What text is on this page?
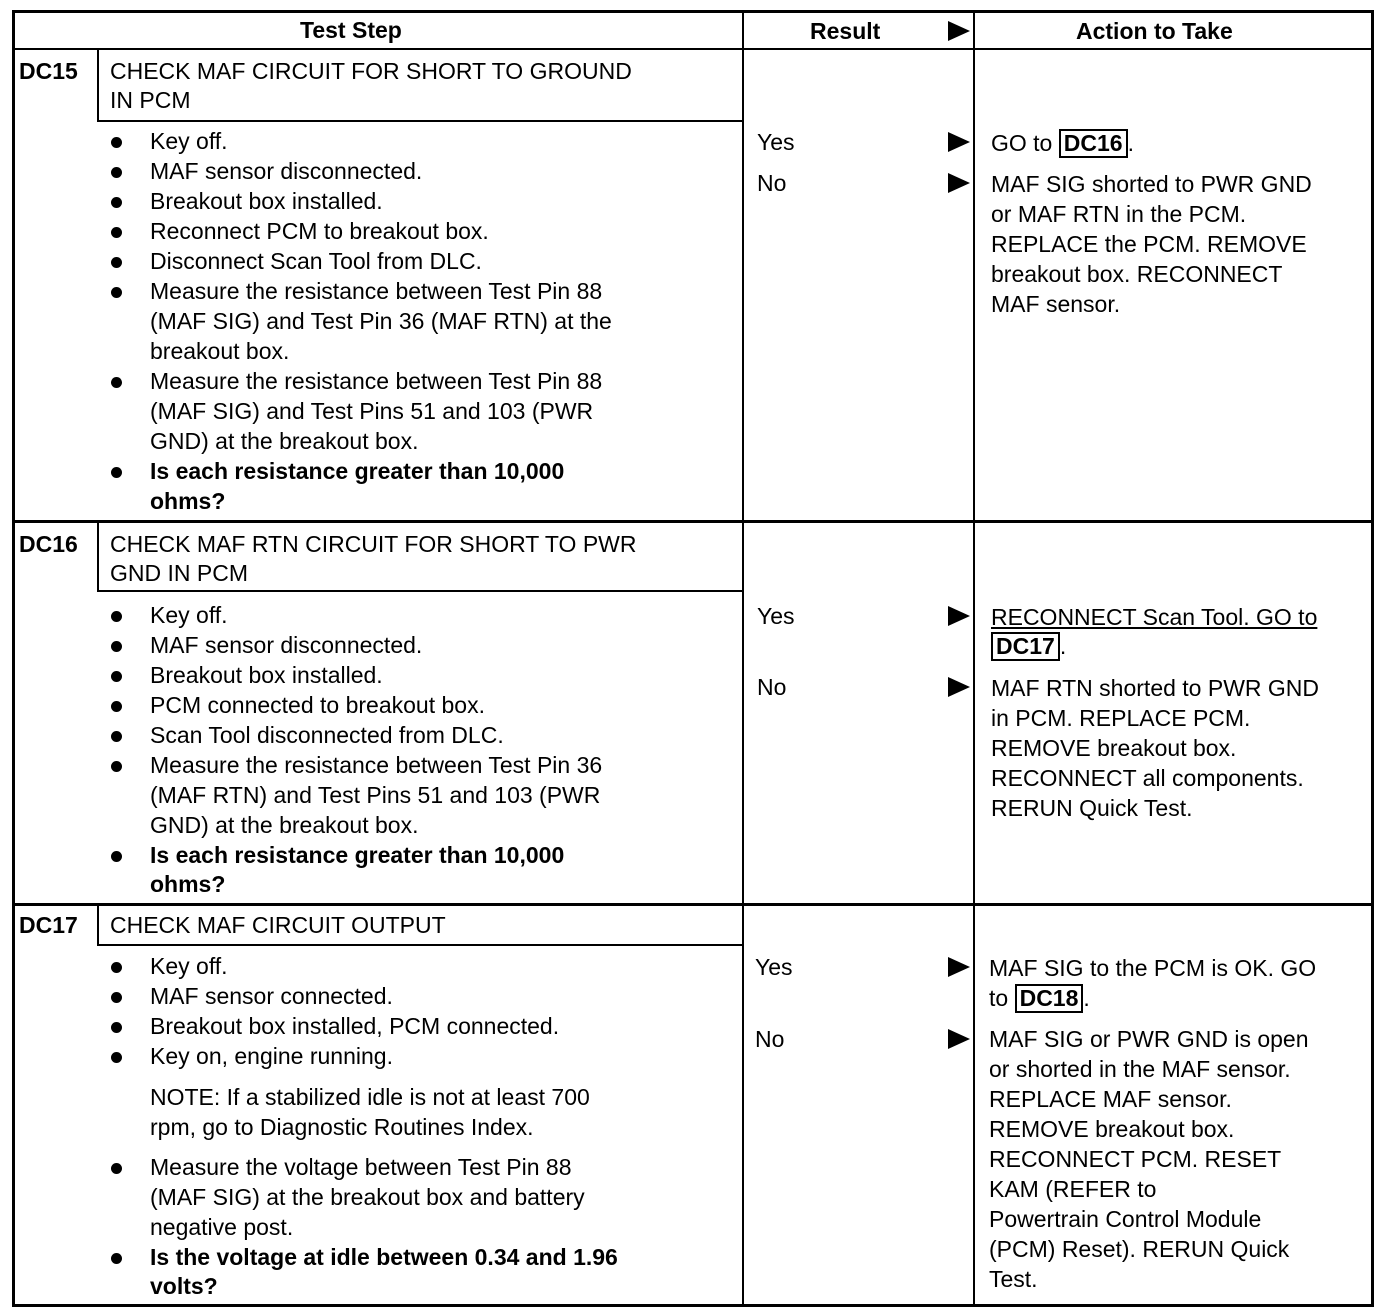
Test Step	Result	Action to Take
DC15 CHECK MAF CIRCUIT FOR SHORT TO GROUND
IN PCM
Key off.
MAF sensor disconnected.
Breakout box installed.
Reconnect PCM to breakout box.
Disconnect Scan Tool from DLC.
Measure the resistance between Test Pin 88
(MAF SIG) and Test Pin 36 (MAF RTN) at the
breakout box.
Measure the resistance between Test Pin 88
(MAF SIG) and Test Pins 51 and 103 (PWR
GND) at the breakout box.
Is each resistance greater than 10,000
ohms?
Yes
No
GO to DC16 .
MAF SIG shorted to PWR GND
or MAF RTN in the PCM.
REPLACE the PCM. REMOVE
breakout box. RECONNECT
MAF sensor.
DC16 CHECK MAF RTN CIRCUIT FOR SHORT TO PWR
GND IN PCM
Key off.
MAF sensor disconnected.
Breakout box installed.
PCM connected to breakout box.
Scan Tool disconnected from DLC.
Measure the resistance between Test Pin 36
(MAF RTN) and Test Pins 51 and 103 (PWR
GND) at the breakout box.
Is each resistance greater than 10,000
ohms?
Yes
No
RECONNECT Scan Tool. GO to
DC17 .
MAF RTN shorted to PWR GND
in PCM. REPLACE PCM.
REMOVE breakout box.
RECONNECT all components.
RERUN Quick Test.
DC17 CHECK MAF CIRCUIT OUTPUT
Key off.
MAF sensor connected.
Breakout box installed, PCM connected.
Key on, engine running.
NOTE: If a stabilized idle is not at least 700
rpm, go to Diagnostic Routines Index.
Measure the voltage between Test Pin 88
(MAF SIG) at the breakout box and battery
negative post.
Is the voltage at idle between 0.34 and 1.96
volts?
Yes
No
MAF SIG to the PCM is OK. GO
to DC18 .
MAF SIG or PWR GND is open
or shorted in the MAF sensor.
REPLACE MAF sensor.
REMOVE breakout box.
RECONNECT PCM. RESET
KAM (REFER to
Powertrain Control Module
(PCM) Reset). RERUN Quick
Test.
